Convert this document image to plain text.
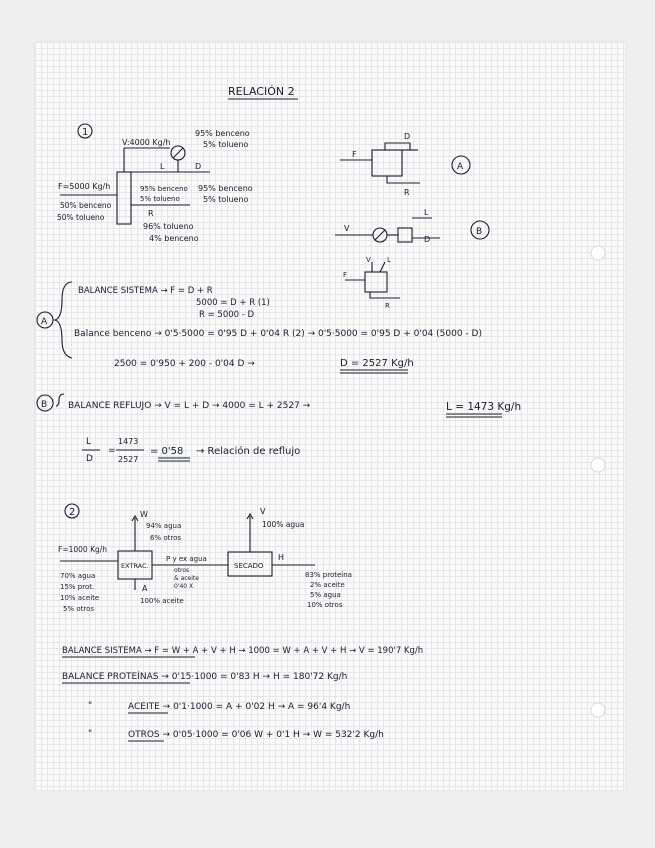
RELACIÓN 2
1
V:4000 Kg/h
95% benceno
5% tolueno
F=5000 Kg/h
50% benceno
50% tolueno
L	D
95% benceno
5% tolueno
95% benceno
5% tolueno
R
96% tolueno
4% benceno
D
F
R
A
V
L
D
B
F
V L
R
A
BALANCE SISTEMA → F = D + R
5000 = D + R (1)
R = 5000 - D
Balance benceno → 0'5·5000 = 0'95 D + 0'04 R (2) → 0'5·5000 = 0'95 D + 0'04 (5000 - D)
2500 = 0'950 + 200 - 0'04 D →	D = 2527 Kg/h
B BALANCE REFLUJO → V = L + D → 4000 = L + 2527 →	L = 1473 Kg/h
L
D
=
1473
2527
= 0'58 → Relación de reflujo
2
EXTRAC.
W
94% agua
6% otros
F=1000 Kg/h
70% agua
15% prot.
10% aceite
5% otros
A
100% aceite
P y ex agua
otros
& aceite
0'40 X
SECADO
V
100% agua
H
83% proteína
2% aceite
5% agua
10% otros
BALANCE SISTEMA → F = W + A + V + H → 1000 = W + A + V + H → V = 190'7 Kg/h
BALANCE PROTEÍNAS → 0'15·1000 = 0'83 H → H = 180'72 Kg/h
"	ACEITE → 0'1·1000 = A + 0'02 H → A = 96'4 Kg/h
"	OTROS → 0'05·1000 = 0'06 W + 0'1 H → W = 532'2 Kg/h
